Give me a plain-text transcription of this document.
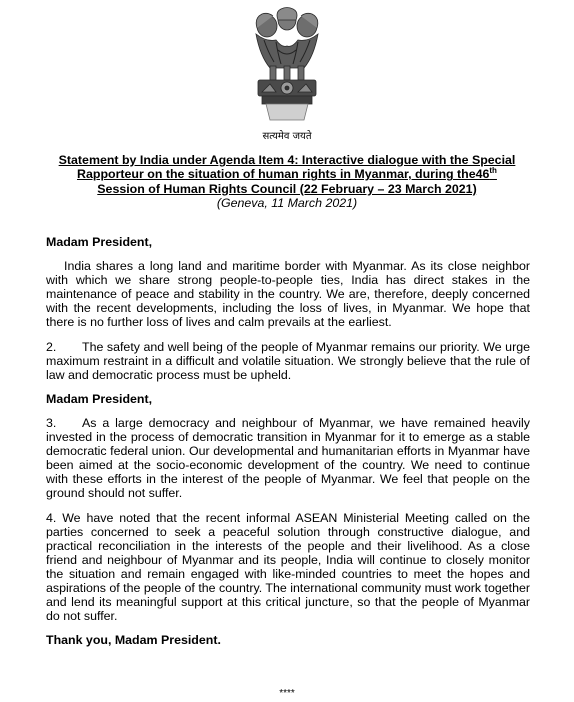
सत्यमेव जयते
Statement by India under Agenda Item 4: Interactive dialogue with the Special
Rapporteur on the situation of human rights in Myanmar, during the46th
Session of Human Rights Council (22 February – 23 March 2021)
(Geneva, 11 March 2021)

Madam President,

India shares a long land and maritime border with Myanmar. As its close neighbor with which we share strong people-to-people ties, India has direct stakes in the maintenance of peace and stability in the country. We are, therefore, deeply concerned with the recent developments, including the loss of lives, in Myanmar. We hope that there is no further loss of lives and calm prevails at the earliest.

2. The safety and well being of the people of Myanmar remains our priority. We urge maximum restraint in a difficult and volatile situation. We strongly believe that the rule of law and democratic process must be upheld.

Madam President,

3. As a large democracy and neighbour of Myanmar, we have remained heavily invested in the process of democratic transition in Myanmar for it to emerge as a stable democratic federal union. Our developmental and humanitarian efforts in Myanmar have been aimed at the socio-economic development of the country. We need to continue with these efforts in the interest of the people of Myanmar. We feel that people on the ground should not suffer.

4. We have noted that the recent informal ASEAN Ministerial Meeting called on the parties concerned to seek a peaceful solution through constructive dialogue, and practical reconciliation in the interests of the people and their livelihood. As a close friend and neighbour of Myanmar and its people, India will continue to closely monitor the situation and remain engaged with like-minded countries to meet the hopes and aspirations of the people of the country. The international community must work together and lend its meaningful support at this critical juncture, so that the people of Myanmar do not suffer.

Thank you, Madam President.

****
